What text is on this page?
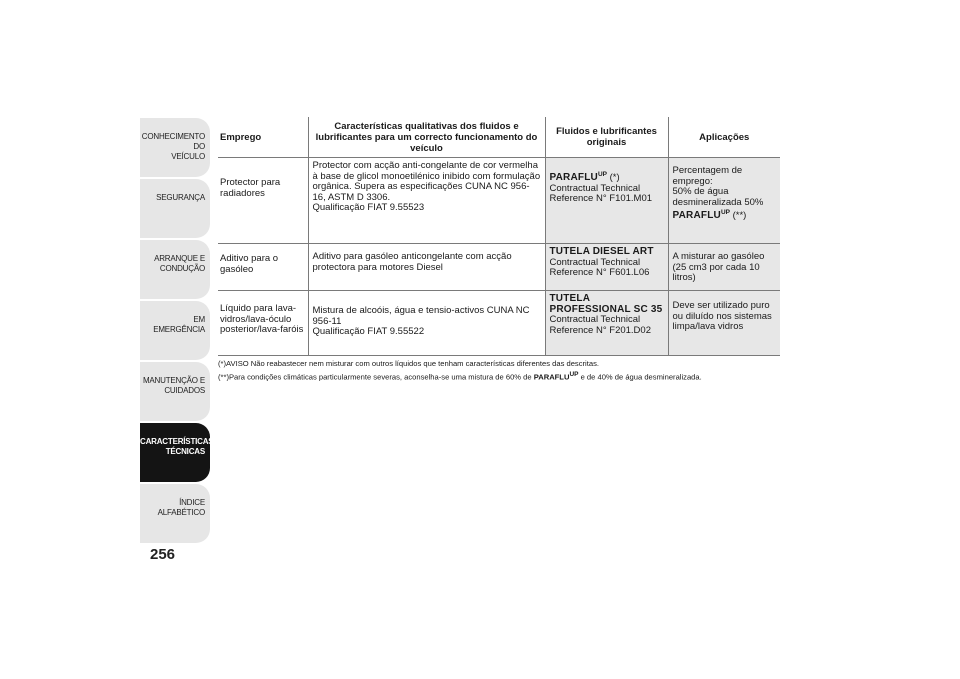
CONHECIMENTO DO
VEÍCULO
SEGURANÇA
ARRANQUE E
CONDUÇÃO
EM EMERGÊNCIA
MANUTENÇÃO E
CUIDADOS
CARACTERÍSTICAS
TÉCNICAS
ÍNDICE ALFABÉTICO
256
Emprego	Características qualitativas dos fluidos e lubrificantes para um correcto funcionamento do veículo	Fluidos e lubrificantes originais	Aplicações
Protector para radiadores	Protector com acção anti-congelante de cor vermelha à base de glicol monoetilénico inibido com formulação orgânica. Supera as especificações CUNA NC 956-16, ASTM D 3306.
Qualificação FIAT 9.55523	$PARAFLU^{UP}$ (*)
Contractual Technical
Reference N° F101.M01	Percentagem de emprego:
50% de água
desmineralizada 50%
$PARAFLU^{UP}$ (**)

Aditivo para o gasóleo	Aditivo para gasóleo anticongelante com acção protectora para motores Diesel	TUTELA DIESEL ART
Contractual Technical
Reference N° F601.L06	A misturar ao gasóleo (25 cm3 por cada 10 litros)
Líquido para lava-vidros/lava-óculo posterior/lava-faróis	Mistura de alcoóis, água e tensio-activos CUNA NC 956-11
Qualificação FIAT 9.55522	TUTELA PROFESSIONAL SC 35
Contractual Technical
Reference N° F201.D02	Deve ser utilizado puro ou diluído nos sistemas limpa/lava vidros
(*)AVISO Não reabastecer nem misturar com outros líquidos que tenham características diferentes das descritas.
(**)Para condições climáticas particularmente severas, aconselha-se uma mistura de 60% de PARAFLUUP e de 40% de água desmineralizada.
